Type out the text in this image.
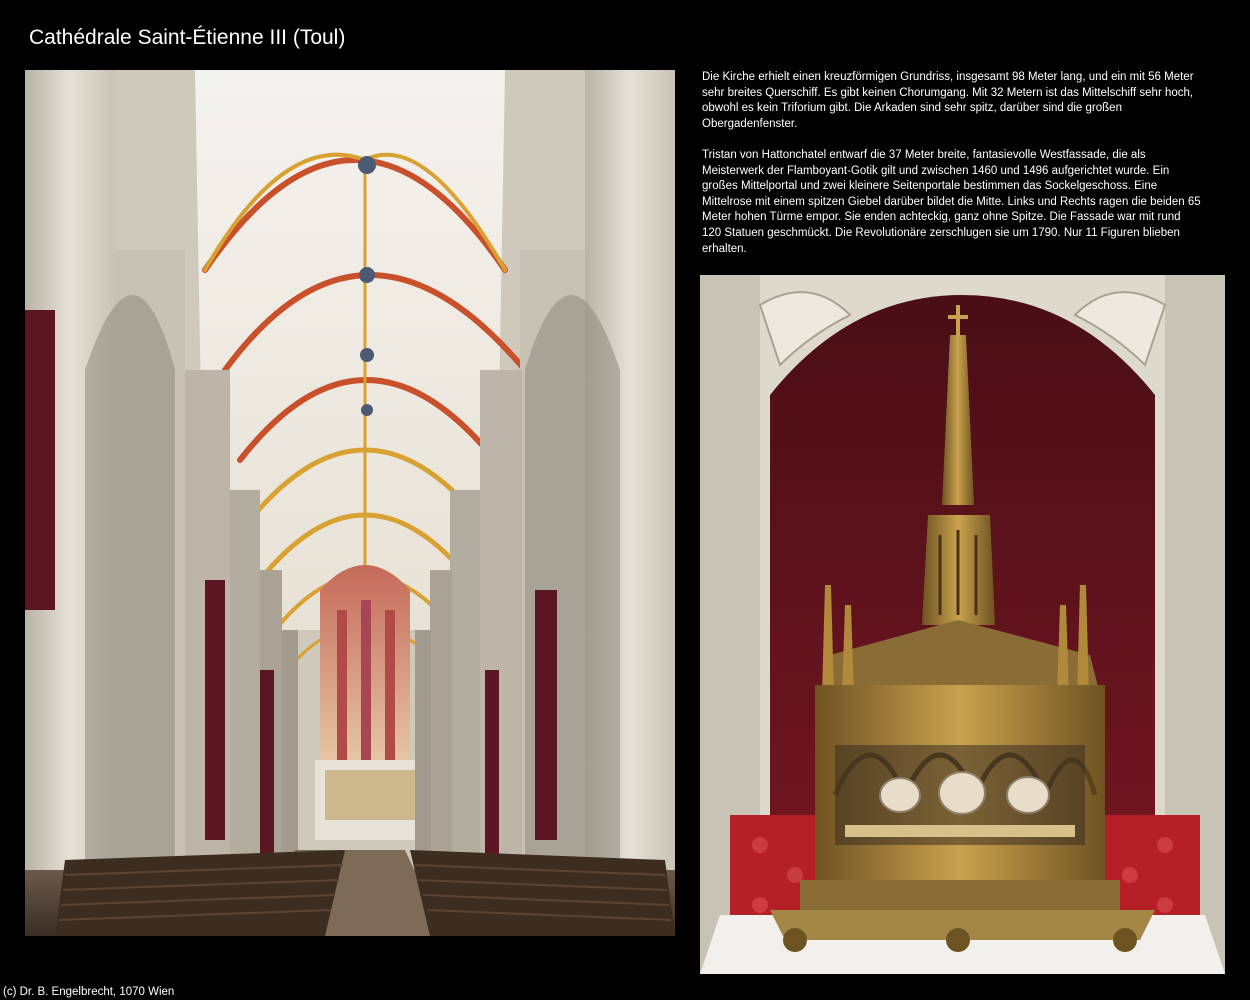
Cathédrale Saint-Étienne III (Toul)

Die Kirche erhielt einen kreuzförmigen Grundriss, insgesamt 98 Meter lang, und ein mit 56 Meter sehr breites Querschiff. Es gibt keinen Chorumgang. Mit 32 Metern ist das Mittelschiff sehr hoch, obwohl es kein Triforium gibt. Die Arkaden sind sehr spitz, darüber sind die großen Obergadenfenster.

Tristan von Hattonchatel entwarf die 37 Meter breite, fantasievolle Westfassade, die als Meisterwerk der Flamboyant-Gotik gilt und zwischen 1460 und 1496 aufgerichtet wurde. Ein großes Mittelportal und zwei kleinere Seitenportale bestimmen das Sockelgeschoss. Eine Mittelrose mit einem spitzen Giebel darüber bildet die Mitte. Links und Rechts ragen die beiden 65 Meter hohen Türme empor. Sie enden achteckig, ganz ohne Spitze. Die Fassade war mit rund 120 Statuen geschmückt. Die Revolutionäre zerschlugen sie um 1790. Nur 11 Figuren blieben erhalten.

(c) Dr. B. Engelbrecht, 1070 Wien
